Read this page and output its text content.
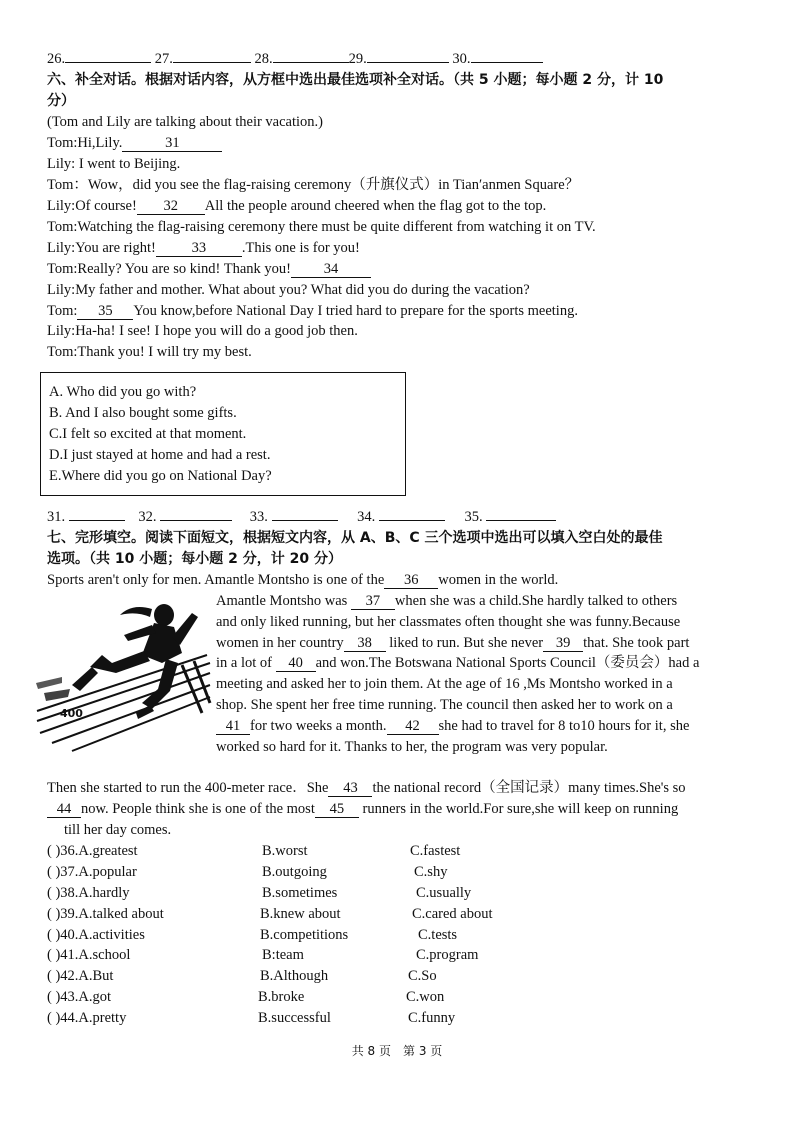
26.	27.	28.	29.	30.
六、补全对话。根据对话内容，从方框中选出最佳选项补全对话。（共 5 小题；每小题 2 分，计 10
分）
(Tom and Lily are talking about their vacation.)
Tom:Hi,Lily.	31
Lily: I went to Beijing.
Tom：Wow，did you see the flag-raising ceremony（升旗仪式）in Tian′anmen Square？
Lily:Of course! 32 All the people around cheered when the flag got to the top.
Tom:Watching the flag-raising ceremony there must be quite different from watching it on TV.
Lily:You are right! 33 .This one is for you!
Tom:Really? You are so kind! Thank you! 34
Lily:My father and mother. What about you? What did you do during the vacation?
Tom: 35 You know,before National Day I tried hard to prepare for the sports meeting.
Lily:Ha-ha! I see! I hope you will do a good job then.
Tom:Thank you! I will try my best.
A. Who did you go with?
B. And I also bought some gifts.
C.I felt so excited at that moment.
D.I just stayed at home and had a rest.
E.Where did you go on National Day?
31.	32.	33.	34.	35.
七、完形填空。阅读下面短文，根据短文内容，从 A、B、C 三个选项中选出可以填入空白处的最佳
选项。（共 10 小题；每小题 2 分，计 20 分）
Sports aren't only for men. Amantle Montsho is one of the 36 women in the world.
400

Amantle Montsho was 37 when she was a child.She hardly talked to others

and only liked running, but her classmates often thought she was funny.Because

women in her country 38 liked to run. But she never 39 that. She took part

in a lot of 40 and won.The Botswana National Sports Council（委员会）had a

meeting and asked her to join them. At the age of 16 ,Ms Montsho worked in a

shop. She spent her free time running. The council then asked her to work on a

41 for two weeks a month. 42 she had to travel for 8 to10 hours for it, she

worked so hard for it. Thanks to her, the program was very popular.

Then she started to run the 400-meter race．She 43 the national record（全国记录）many times.She's so
44 now. People think she is one of the most 45 runners in the world.For sure,she will keep on running
till her day comes.
( )36.A.greatest	B.worst	C.fastest
( )37.A.popular	B.outgoing	C.shy
( )38.A.hardly	B.sometimes	C.usually
( )39.A.talked about	B.knew about	C.cared about
( )40.A.activities	B.competitions	C.tests
( )41.A.school	B:team	C.program
( )42.A.But	B.Although	C.So
( )43.A.got	B.broke	C.won
( )44.A.pretty	B.successful	C.funny
共 8 页　第 3 页
